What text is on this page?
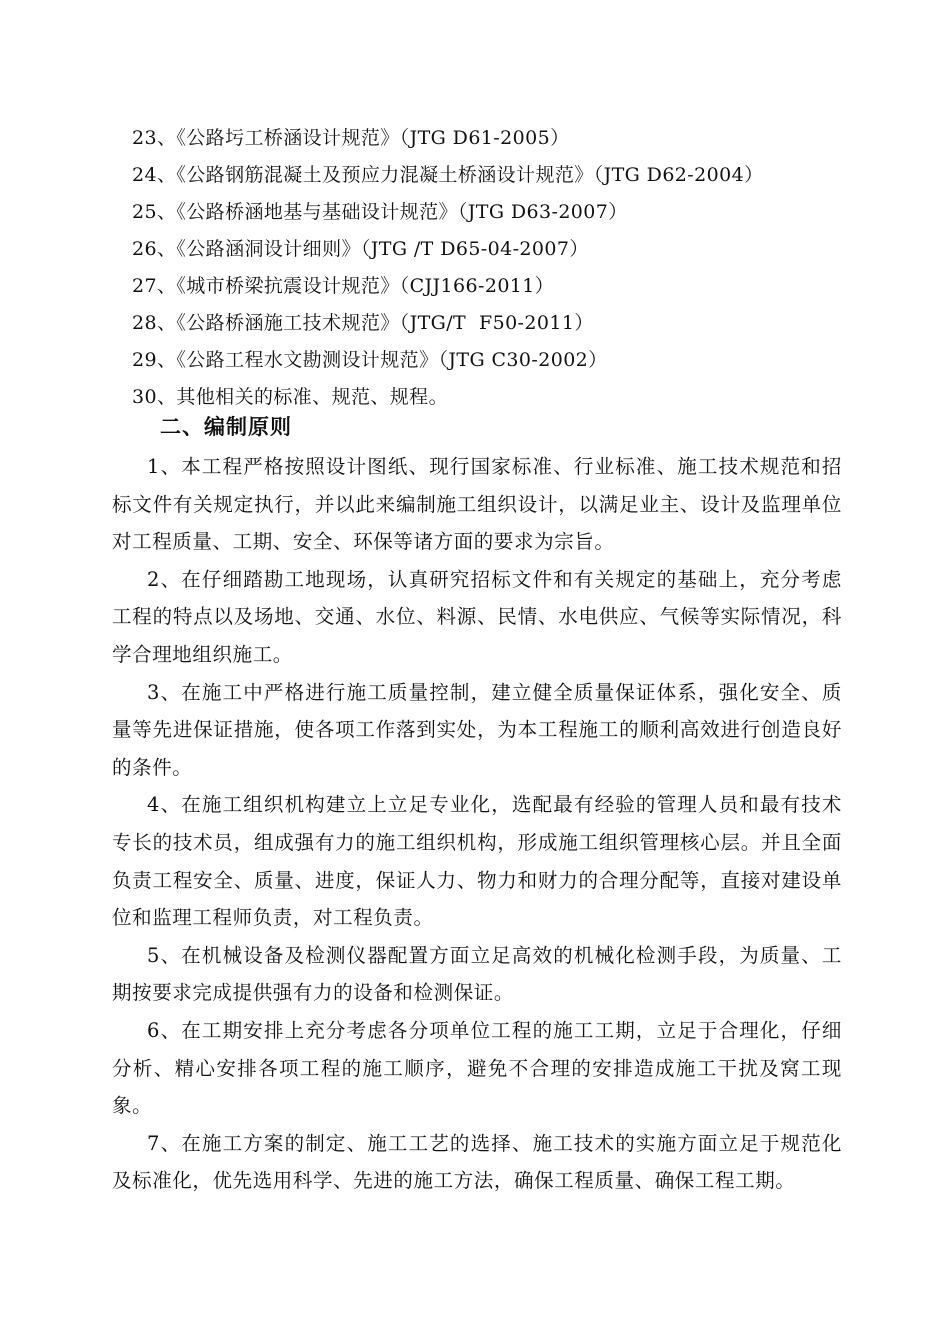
23、《公路圬工桥涵设计规范》（JTG D61-2005）
24、《公路钢筋混凝土及预应力混凝土桥涵设计规范》（JTG D62-2004）
25、《公路桥涵地基与基础设计规范》（JTG D63-2007）
26、《公路涵洞设计细则》（JTG /T D65-04-2007）
27、《城市桥梁抗震设计规范》（CJJ166-2011）
28、《公路桥涵施工技术规范》（JTG/T  F50-2011）
29、《公路工程水文勘测设计规范》（JTG C30-2002）
30、其他相关的标准、规范、规程。
二、编制原则

1、本工程严格按照设计图纸、现行国家标准、行业标准、施工技术规范和招标文件有关规定执行，并以此来编制施工组织设计，以满足业主、设计及监理单位对工程质量、工期、安全、环保等诸方面的要求为宗旨。

2、在仔细踏勘工地现场，认真研究招标文件和有关规定的基础上，充分考虑工程的特点以及场地、交通、水位、料源、民情、水电供应、气候等实际情况，科学合理地组织施工。

3、在施工中严格进行施工质量控制，建立健全质量保证体系，强化安全、质量等先进保证措施，使各项工作落到实处，为本工程施工的顺利高效进行创造良好的条件。

4、在施工组织机构建立上立足专业化，选配最有经验的管理人员和最有技术专长的技术员，组成强有力的施工组织机构，形成施工组织管理核心层。并且全面负责工程安全、质量、进度，保证人力、物力和财力的合理分配等，直接对建设单位和监理工程师负责，对工程负责。

5、在机械设备及检测仪器配置方面立足高效的机械化检测手段，为质量、工期按要求完成提供强有力的设备和检测保证。

6、在工期安排上充分考虑各分项单位工程的施工工期，立足于合理化，仔细分析、精心安排各项工程的施工顺序，避免不合理的安排造成施工干扰及窝工现象。

7、在施工方案的制定、施工工艺的选择、施工技术的实施方面立足于规范化及标准化，优先选用科学、先进的施工方法，确保工程质量、确保工程工期。
